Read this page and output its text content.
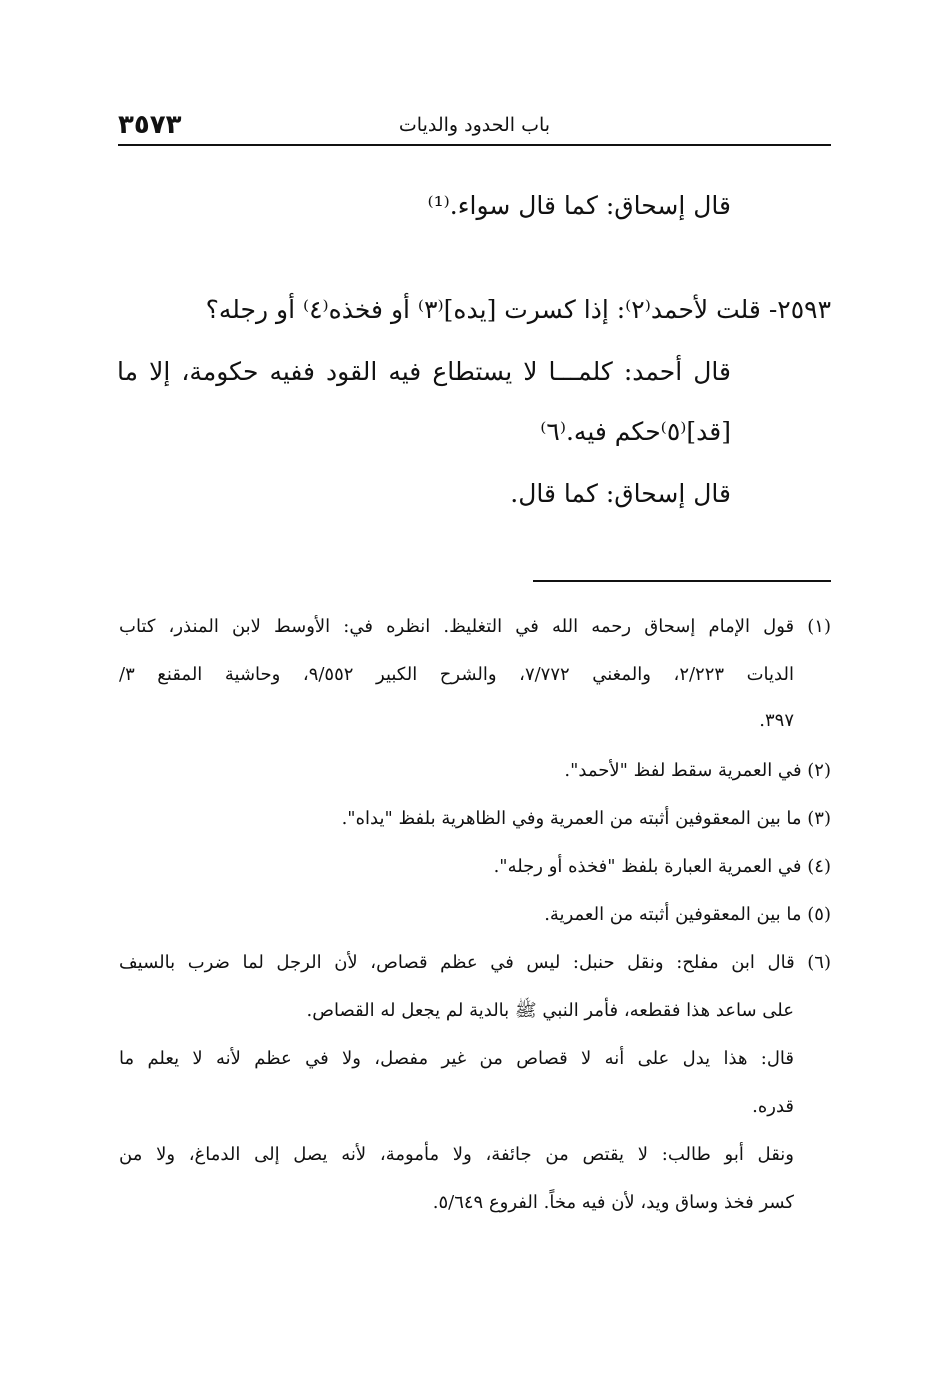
٣٥٧٣	باب الحدود والديات
قال إسحاق: كما قال سواء.⁽¹⁾
٢٥٩٣- قلت لأحمد⁽٢⁾: إذا كسرت [يده]⁽٣⁾ أو فخذه⁽٤⁾ أو رجله؟
قال
أحمد:
كلمـــا
لا
يستطاع
فيه
القود
ففيه
حكومة،
إلا
ما
[قد]⁽٥⁾حكم فيه.⁽٦⁾
قال إسحاق: كما قال.
(١) قول الإمام إسحاق رحمه الله في التغليظ. انظره في: الأوسط لابن المنذر، كتاب
الديات ٢/٢٢٣، والمغني ٧/٧٧٢، والشرح الكبير ٩/٥٥٢، وحاشية المقنع ٣/
٣٩٧.
(٢) في العمرية سقط لفظ "لأحمد".
(٣) ما بين المعقوفين أثبته من العمرية وفي الظاهرية بلفظ "يداه".
(٤) في العمرية العبارة بلفظ "فخذه أو رجله".
(٥) ما بين المعقوفين أثبته من العمرية.
(٦) قال ابن مفلح: ونقل حنبل: ليس في عظم قصاص، لأن الرجل لما ضرب بالسيف
على ساعد هذا فقطعه، فأمر النبي ﷺ بالدية لم يجعل له القصاص.
قال: هذا يدل على أنه لا قصاص من غير مفصل، ولا في عظم لأنه لا يعلم ما
قدره.
ونقل أبو طالب: لا يقتص من جائفة، ولا مأمومة، لأنه يصل إلى الدماغ، ولا من
كسر فخذ وساق ويد، لأن فيه مخاً. الفروع ٥/٦٤٩.
